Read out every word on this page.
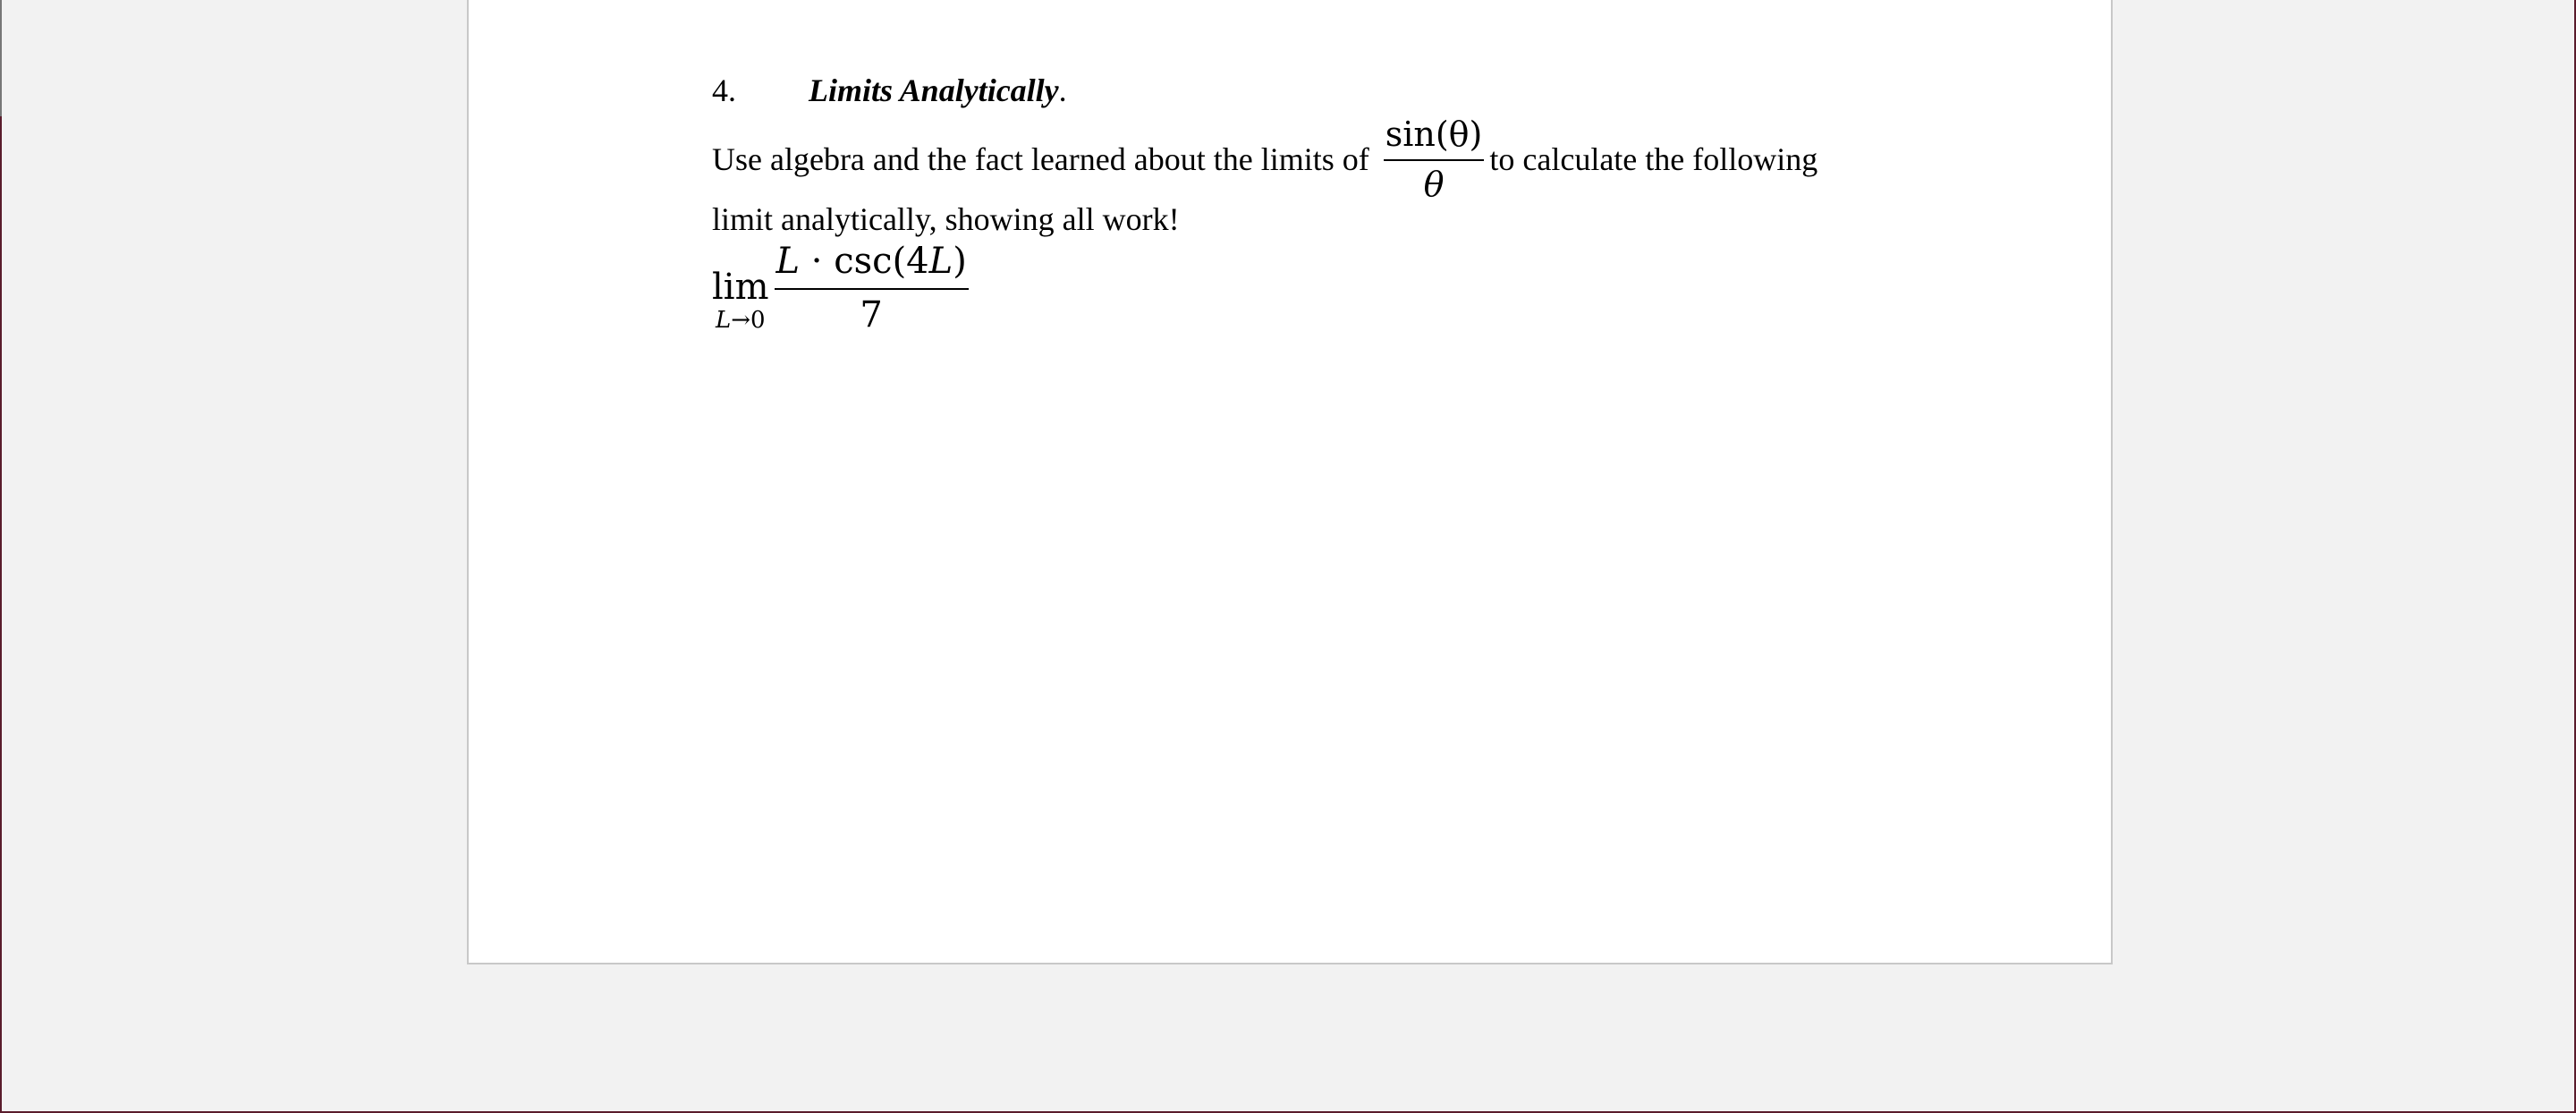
4. Limits Analytically.
Use algebra and the fact learned about the limits of $\frac{\sin(\theta)}{\theta}$ to calculate the following
limit analytically, showing all work!
lim
$L\to 0 \frac{L \cdot \csc(4L)}{7}$
